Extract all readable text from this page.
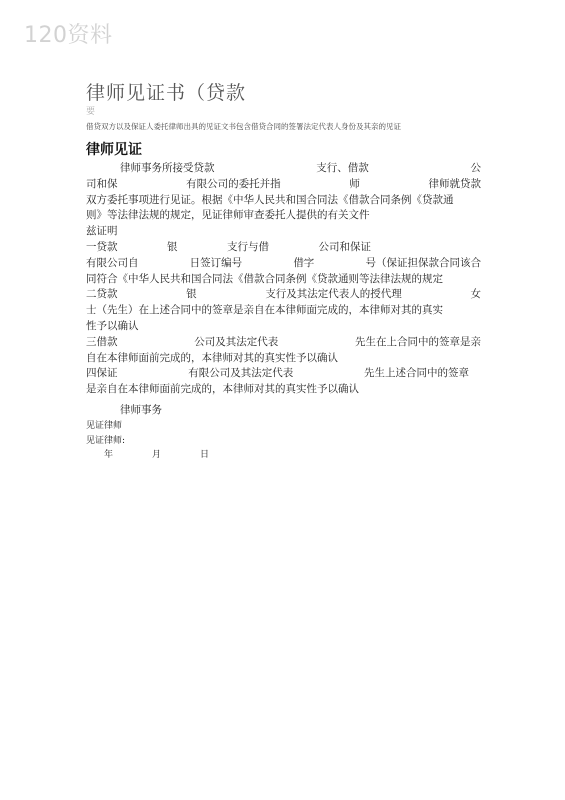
120资料
律师见证书（贷款
要
借贷双方以及保证人委托律师出具的见证文书包含借贷合同的签署法定代表人身份及其亲的见证
律师见证
律师事务所接受贷款	支行、借款	公
司和保	有限公司的委托并指	师	律师就贷款
双方委托事项进行见证。根据《中华人民共和国合同法《借款合同条例《贷款通
则》等法律法规的规定，见证律师审查委托人提供的有关文件
兹证明
一贷款	银	支行与借	公司和保证
有限公司自	日签订编号	借字	号（保证担保款合同该合
同符合《中华人民共和国合同法《借款合同条例《贷款通则等法律法规的规定
二贷款	银	支行及其法定代表人的授代理	女
士（先生）在上述合同中的签章是亲自在本律师面完成的，本律师对其的真实
性予以确认
三借款	公司及其法定代表	先生在上合同中的签章是亲
自在本律师面前完成的，本律师对其的真实性予以确认
四保证	有限公司及其法定代表	先生上述合同中的签章
是亲自在本律师面前完成的，本律师对其的真实性予以确认
律师事务
见证律师
见证律师:
年	月	日
